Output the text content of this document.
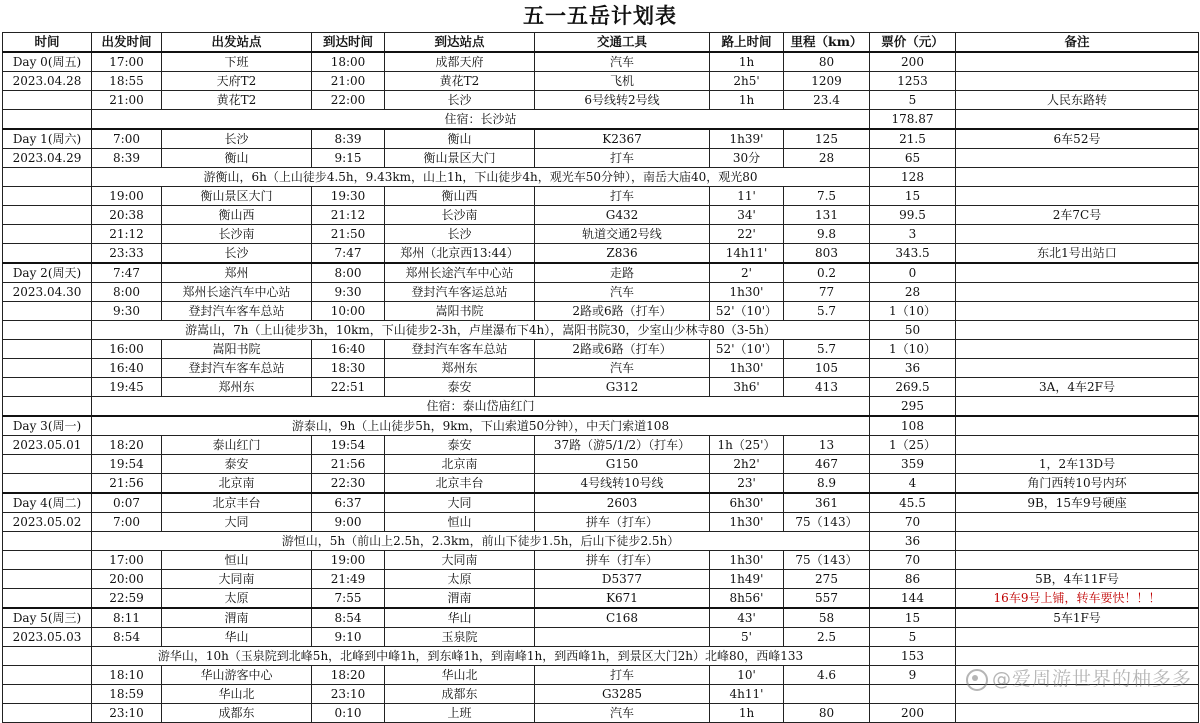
五一五岳计划表
时间	出发时间	出发站点	到达时间	到达站点	交通工具	路上时间	里程（km）	票价（元）	备注
Day 0(周五)	17:00	下班	18:00	成都天府	汽车	1h	80	200	
2023.04.28	18:55	天府T2	21:00	黄花T2	飞机	2h5'	1209	1253	
	21:00	黄花T2	22:00	长沙	6号线转2号线	1h	23.4	5	人民东路转
	住宿：长沙站							178.87	
Day 1(周六)	7:00	长沙	8:39	衡山	K2367	1h39'	125	21.5	6车52号
2023.04.29	8:39	衡山	9:15	衡山景区大门	打车	30分	28	65	
	游衡山，6h（上山徒步4.5h，9.43km，山上1h，下山徒步4h，观光车50分钟），南岳大庙40，观光80							128	
	19:00	衡山景区大门	19:30	衡山西	打车	11'	7.5	15	
	20:38	衡山西	21:12	长沙南	G432	34'	131	99.5	2车7C号
	21:12	长沙南	21:50	长沙	轨道交通2号线	22'	9.8	3	
	23:33	长沙	7:47	郑州（北京西13:44）	Z836	14h11'	803	343.5	东北1号出站口
Day 2(周天)	7:47	郑州	8:00	郑州长途汽车中心站	走路	2'	0.2	0	
2023.04.30	8:00	郑州长途汽车中心站	9:30	登封汽车客运总站	汽车	1h30'	77	28	
	9:30	登封汽车客车总站	10:00	嵩阳书院	2路或6路（打车）	52'（10'）	5.7	1（10）	
	游嵩山，7h（上山徒步3h，10km，下山徒步2-3h，卢崖瀑布下4h），嵩阳书院30，少室山少林寺80（3-5h）							50	
	16:00	嵩阳书院	16:40	登封汽车客车总站	2路或6路（打车）	52'（10'）	5.7	1（10）	
	16:40	登封汽车客车总站	18:30	郑州东	汽车	1h30'	105	36	
	19:45	郑州东	22:51	泰安	G312	3h6'	413	269.5	3A，4车2F号
	住宿：泰山岱庙红门							295	
Day 3(周一)	游泰山，9h（上山徒步5h，9km，下山索道50分钟），中天门索道108							108	
2023.05.01	18:20	泰山红门	19:54	泰安	37路（游5/1/2）（打车）	1h（25'）	13	1（25）	
	19:54	泰安	21:56	北京南	G150	2h2'	467	359	1，2车13D号
	21:56	北京南	22:30	北京丰台	4号线转10号线	23'	8.9	4	角门西转10号内环
Day 4(周二)	0:07	北京丰台	6:37	大同	2603	6h30'	361	45.5	9B，15车9号硬座
2023.05.02	7:00	大同	9:00	恒山	拼车（打车）	1h30'	75（143）	70	
	游恒山，5h（前山上2.5h，2.3km，前山下徒步1.5h，后山下徒步2.5h）							36	
	17:00	恒山	19:00	大同南	拼车（打车）	1h30'	75（143）	70	
	20:00	大同南	21:49	太原	D5377	1h49'	275	86	5B，4车11F号
	22:59	太原	7:55	渭南	K671	8h56'	557	144	16车9号上铺，转车要快！！！
Day 5(周三)	8:11	渭南	8:54	华山	C168	43'	58	15	5车1F号
2023.05.03	8:54	华山	9:10	玉泉院		5'	2.5	5	
	游华山，10h（玉泉院到北峰5h，北峰到中峰1h，到东峰1h，到南峰1h，到西峰1h，到景区大门2h）北峰80，西峰133							153	
	18:10	华山游客中心	18:20	华山北	打车	10'	4.6	9	
	18:59	华山北	23:10	成都东	G3285	4h11'			
	23:10	成都东	0:10	上班	汽车	1h	80	200	
@爱周游世界的柚多多
